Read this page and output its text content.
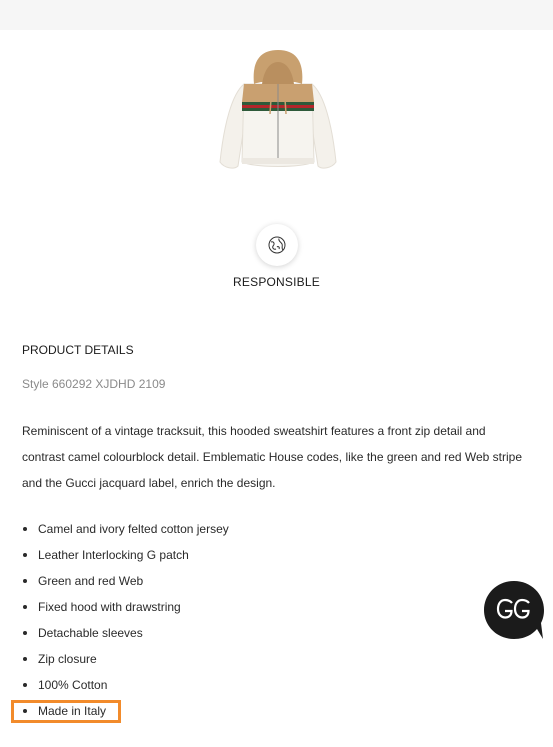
RESPONSIBLE
PRODUCT DETAILS
Style 660292 XJDHD 2109
Reminiscent of a vintage tracksuit, this hooded sweatshirt features a front zip detail and contrast camel colourblock detail. Emblematic House codes, like the green and red Web stripe and the Gucci jacquard label, enrich the design.
Camel and ivory felted cotton jersey
Leather Interlocking G patch
Green and red Web
Fixed hood with drawstring
Detachable sleeves
Zip closure
100% Cotton
Made in Italy
